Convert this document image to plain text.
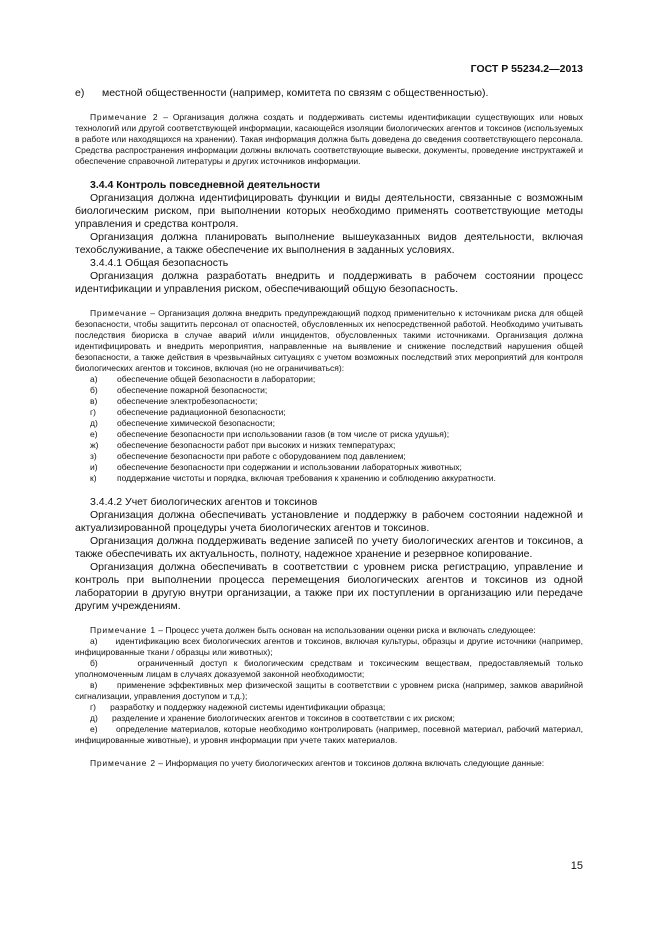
ГОСТ Р 55234.2—2013
е)	местной общественности (например, комитета по связям с общественностью).

Примечание 2 – Организация должна создать и поддерживать системы идентификации существующих или новых технологий или другой соответствующей информации, касающейся изоляции биологических агентов и токсинов (используемых в работе или находящихся на хранении). Такая информация должна быть доведена до сведения соответствующего персонала. Средства распространения информации должны включать соответствующие вывески, документы, проведение инструктажей и обеспечение справочной литературы и других источников информации.

3.4.4 Контроль повседневной деятельности

Организация должна идентифицировать функции и виды деятельности, связанные с возможным биологическим риском, при выполнении которых необходимо применять соответствующие методы управления и средства контроля.

Организация должна планировать выполнение вышеуказанных видов деятельности, включая техобслуживание, а также обеспечение их выполнения в заданных условиях.

3.4.4.1 Общая безопасность

Организация должна разработать внедрить и поддерживать в рабочем состоянии процесс идентификации и управления риском, обеспечивающий общую безопасность.

Примечание – Организация должна внедрить предупреждающий подход применительно к источникам риска для общей безопасности, чтобы защитить персонал от опасностей, обусловленных их непосредственной работой. Необходимо учитывать последствия биориска в случае аварий и/или инцидентов, обусловленных такими источниками. Организация должна идентифицировать и внедрить мероприятия, направленные на выявление и снижение последствий нарушения общей безопасности, а также действия в чрезвычайных ситуациях с учетом возможных последствий этих мероприятий для контроля биологических агентов и токсинов, включая (но не ограничиваться):

а)	обеспечение общей безопасности в лаборатории;
б)	обеспечение пожарной безопасности;
в)	обеспечение электробезопасности;
г)	обеспечение радиационной безопасности;
д)	обеспечение химической безопасности;
е)	обеспечение безопасности при использовании газов (в том числе от риска удушья);
ж)	обеспечение безопасности работ при высоких и низких температурах;
з)	обеспечение безопасности при работе с оборудованием под давлением;
и)	обеспечение безопасности при содержании и использовании лабораторных животных;
к)	поддержание чистоты и порядка, включая требования к хранению и соблюдению аккуратности.

3.4.4.2 Учет биологических агентов и токсинов

Организация должна обеспечивать установление и поддержку в рабочем состоянии надежной и актуализированной процедуры учета биологических агентов и токсинов.

Организация должна поддерживать ведение записей по учету биологических агентов и токсинов, а также обеспечивать их актуальность, полноту, надежное хранение и резервное копирование.

Организация должна обеспечивать в соответствии с уровнем риска регистрацию, управление и контроль при выполнении процесса перемещения биологических агентов и токсинов из одной лаборатории в другую внутри организации, а также при их поступлении в организацию или передаче другим учреждениям.

Примечание 1 – Процесс учета должен быть основан на использовании оценки риска и включать следующее:

а) идентификацию всех биологических агентов и токсинов, включая культуры, образцы и другие источники (например, инфицированные ткани / образцы или животных);

б)	ограниченный доступ к биологическим средствам и токсическим веществам, предоставляемый только уполномоченным лицам в случаях доказуемой законной необходимости;

в) применение эффективных мер физической защиты в соответствии с уровнем риска (например, замков аварийной сигнализации, управления доступом и т.д.);

г) разработку и поддержку надежной системы идентификации образца;

д) разделение и хранение биологических агентов и токсинов в соответствии с их риском;

е) определение материалов, которые необходимо контролировать (например, посевной материал, рабочий материал, инфицированные животные), и уровня информации при учете таких материалов.

Примечание 2 – Информация по учету биологических агентов и токсинов должна включать следующие данные:

15
